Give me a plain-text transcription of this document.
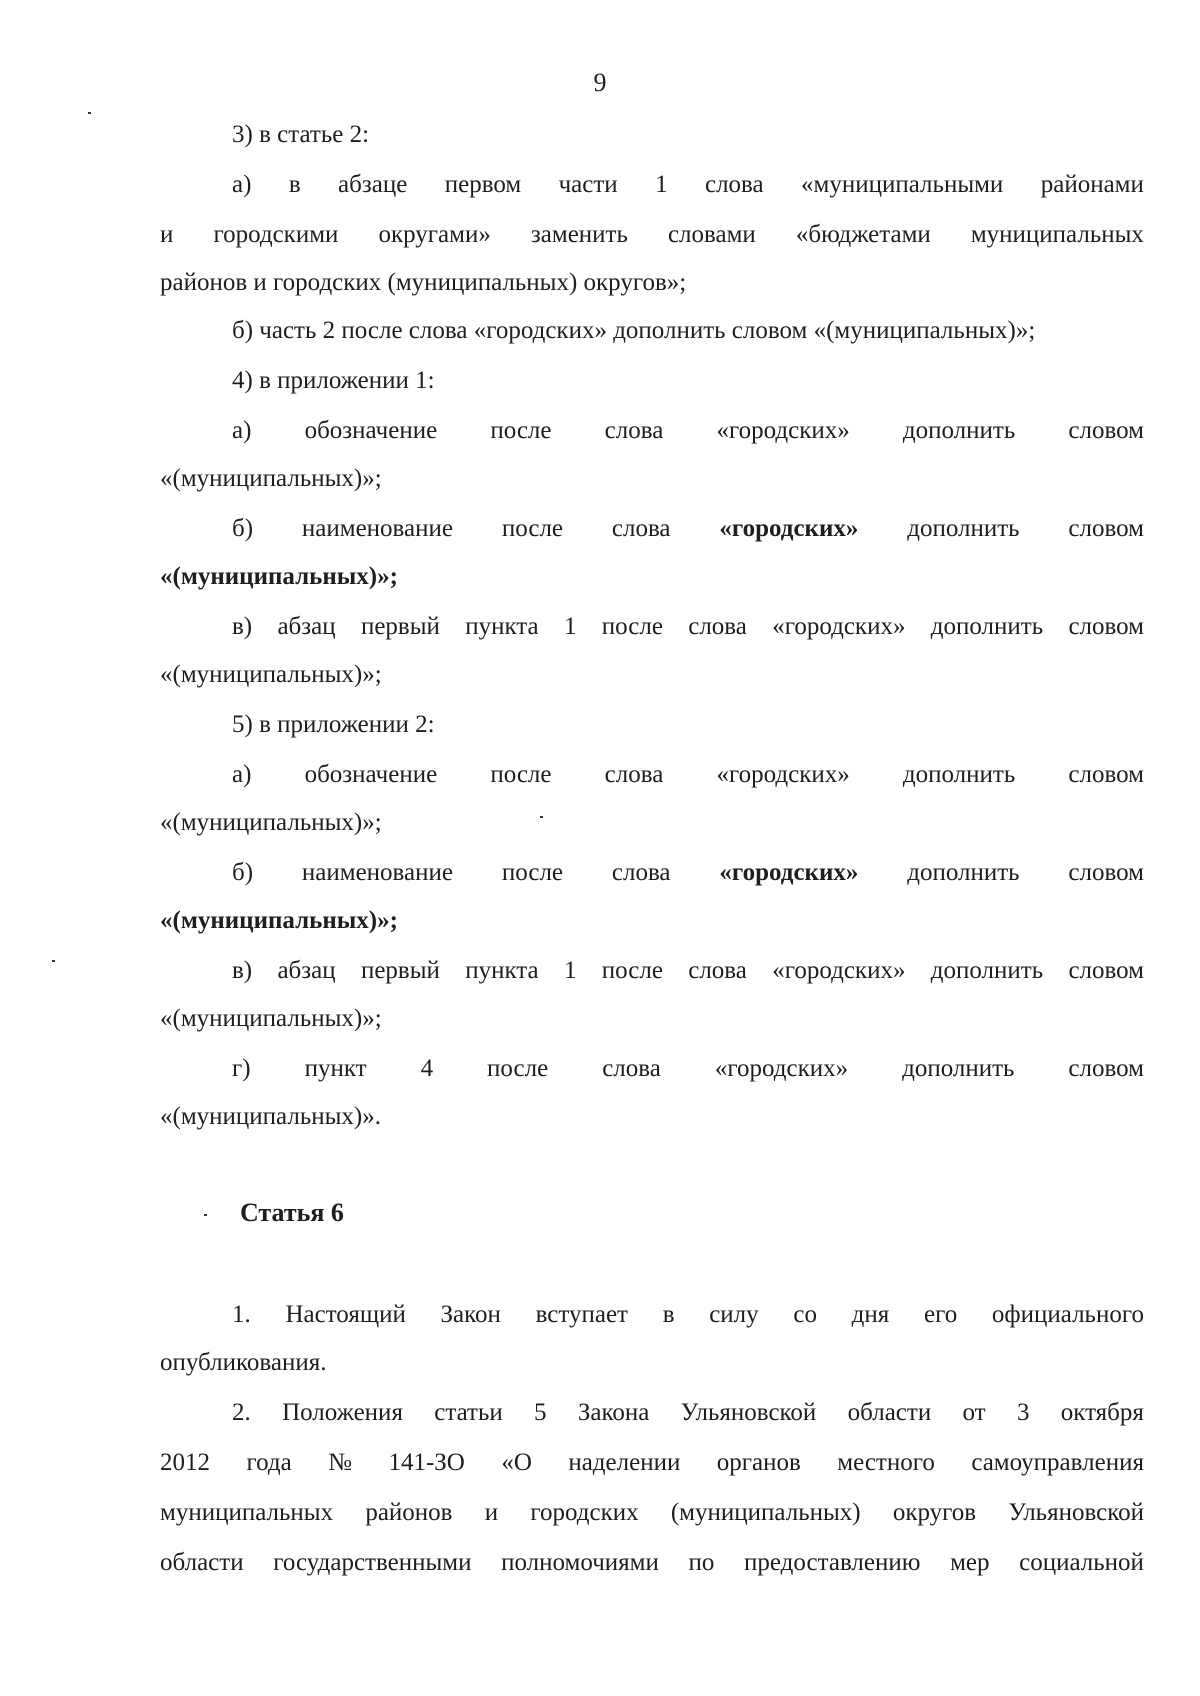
9
3) в статье 2:
а) в абзаце первом части 1 слова «муниципальными районами
и городскими округами» заменить словами «бюджетами муниципальных
районов и городских (муниципальных) округов»;
б) часть 2 после слова «городских» дополнить словом «(муниципальных)»;
4) в приложении 1:
а) обозначение после слова «городских» дополнить словом
«(муниципальных)»;
б) наименование после слова «городских» дополнить словом
«(муниципальных)»;
в) абзац первый пункта 1 после слова «городских» дополнить словом
«(муниципальных)»;
5) в приложении 2:
а) обозначение после слова «городских» дополнить словом
«(муниципальных)»;
б) наименование после слова «городских» дополнить словом
«(муниципальных)»;
в) абзац первый пункта 1 после слова «городских» дополнить словом
«(муниципальных)»;
г) пункт 4 после слова «городских» дополнить словом
«(муниципальных)».
Статья 6
1. Настоящий Закон вступает в силу со дня его официального
опубликования.
2. Положения статьи 5 Закона Ульяновской области от 3 октября
2012 года № 141-ЗО «О наделении органов местного самоуправления
муниципальных районов и городских (муниципальных) округов Ульяновской
области государственными полномочиями по предоставлению мер социальной
